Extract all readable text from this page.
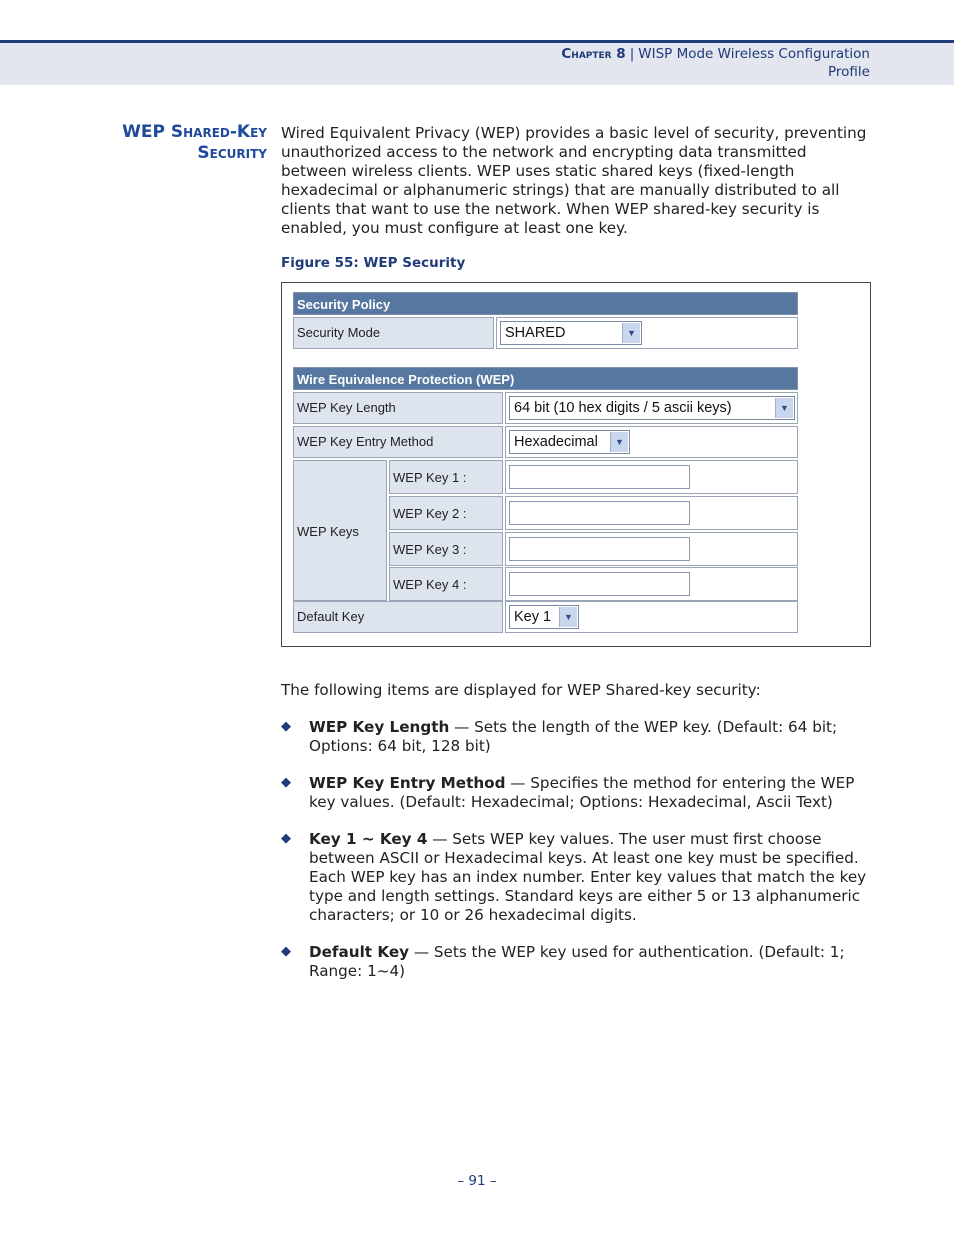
Chapter 8 | WISP Mode Wireless Configuration
Profile
WEP Shared-Key
Security
Wired Equivalent Privacy (WEP) provides a basic level of security, preventing unauthorized access to the network and encrypting data transmitted between wireless clients. WEP uses static shared keys (fixed-length hexadecimal or alphanumeric strings) that are manually distributed to all clients that want to use the network. When WEP shared-key security is enabled, you must configure at least one key.
Figure 55: WEP Security
Security Policy
Security Mode	SHARED	▼
Wire Equivalence Protection (WEP)
WEP Key Length	64 bit (10 hex digits / 5 ascii keys)	▼
WEP Key Entry Method	Hexadecimal	▼
WEP Keys
WEP Key 1 :
WEP Key 2 :
WEP Key 3 :
WEP Key 4 :
Default Key	Key 1	▼
The following items are displayed for WEP Shared-key security:
◆ WEP Key Length — Sets the length of the WEP key. (Default: 64 bit; Options: 64 bit, 128 bit)
◆ WEP Key Entry Method — Specifies the method for entering the WEP key values. (Default: Hexadecimal; Options: Hexadecimal, Ascii Text)
◆ Key 1 ~ Key 4 — Sets WEP key values. The user must first choose between ASCII or Hexadecimal keys. At least one key must be specified. Each WEP key has an index number. Enter key values that match the key type and length settings. Standard keys are either 5 or 13 alphanumeric characters; or 10 or 26 hexadecimal digits.
◆ Default Key — Sets the WEP key used for authentication. (Default: 1; Range: 1~4)
– 91 –
